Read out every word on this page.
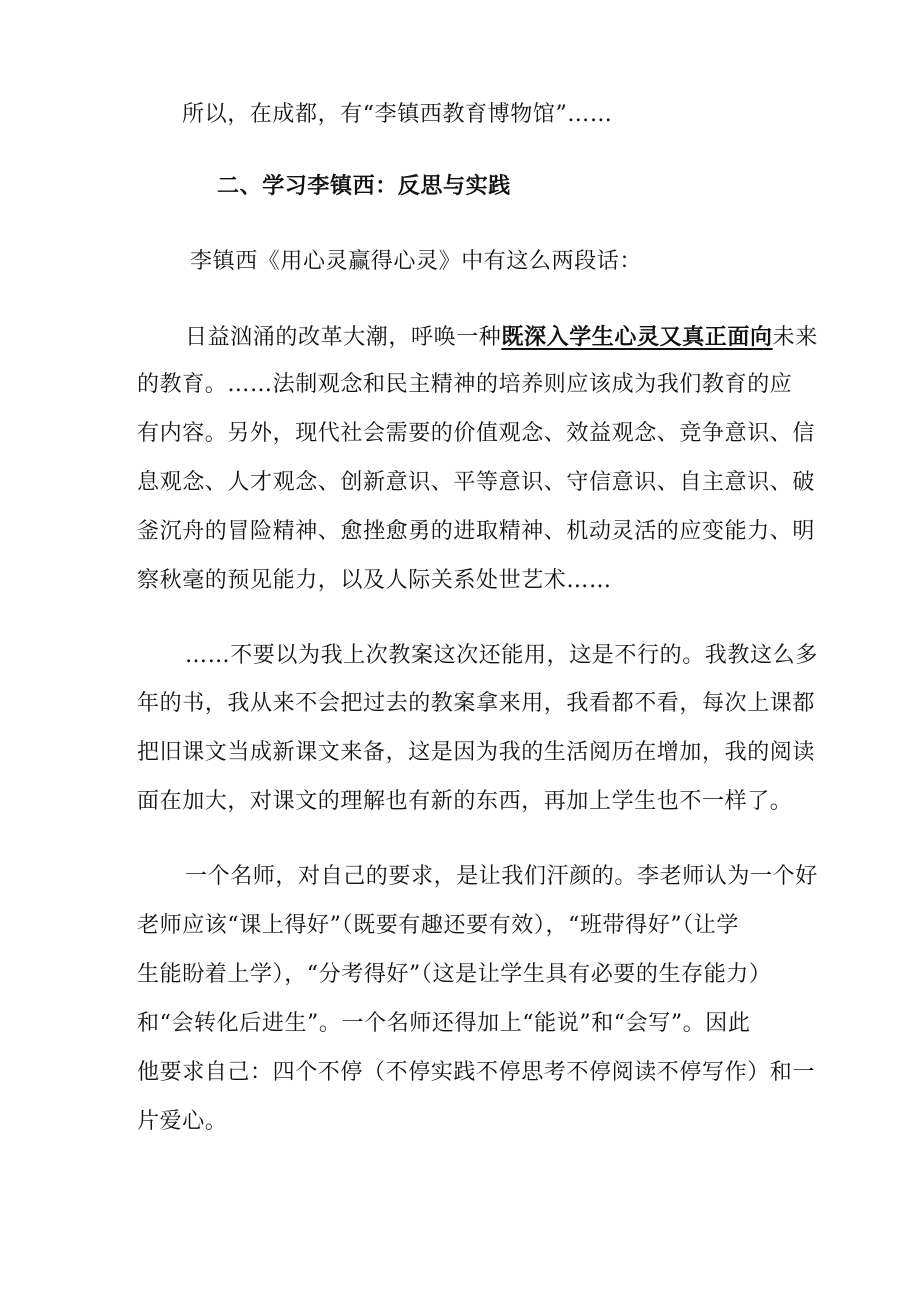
所以，在成都，有“李镇西教育博物馆”……
二、学习李镇西：反思与实践
李镇西《用心灵赢得心灵》中有这么两段话：
日益汹涌的改革大潮，呼唤一种既深入学生心灵又真正面向未来
的教育。……法制观念和民主精神的培养则应该成为我们教育的应
有内容。另外，现代社会需要的价值观念、效益观念、竞争意识、信
息观念、人才观念、创新意识、平等意识、守信意识、自主意识、破
釜沉舟的冒险精神、愈挫愈勇的进取精神、机动灵活的应变能力、明
察秋毫的预见能力，以及人际关系处世艺术……
……不要以为我上次教案这次还能用，这是不行的。我教这么多
年的书，我从来不会把过去的教案拿来用，我看都不看，每次上课都
把旧课文当成新课文来备，这是因为我的生活阅历在增加，我的阅读
面在加大，对课文的理解也有新的东西，再加上学生也不一样了。
一个名师，对自己的要求，是让我们汗颜的。李老师认为一个好
老师应该“课上得好”（既要有趣还要有效），“班带得好”（让学
生能盼着上学），“分考得好”（这是让学生具有必要的生存能力）
和“会转化后进生”。一个名师还得加上“能说”和“会写”。因此
他要求自己：四个不停（不停实践不停思考不停阅读不停写作）和一
片爱心。
